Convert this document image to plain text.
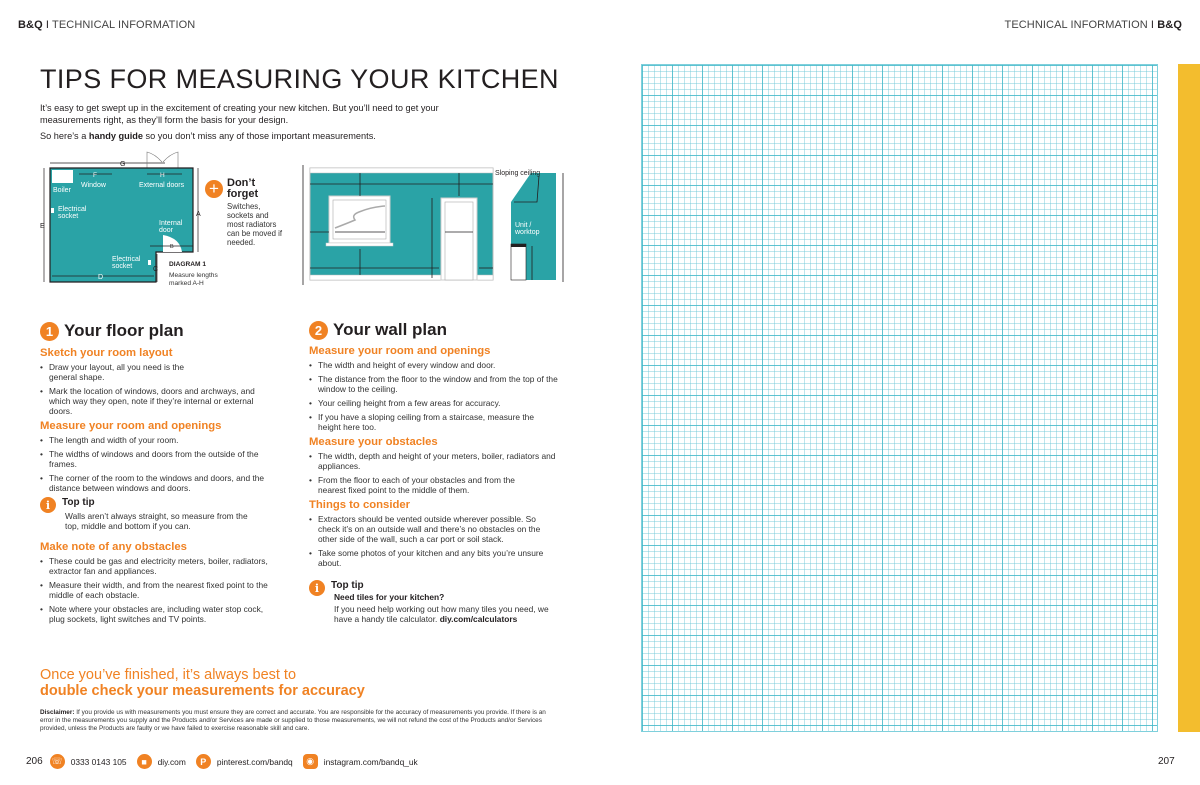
B&Q I TECHNICAL INFORMATION	TECHNICAL INFORMATION I B&Q
TIPS FOR MEASURING YOUR KITCHEN
It’s easy to get swept up in the excitement of creating your new kitchen. But you’ll need to get your measurements right, as they’ll form the basis for your design.
So here’s a handy guide so you don’t miss any of those important measurements.
G
Boiler
F
Window
H
External doors
Electrical
socket
Internal
door
B
Electrical
socket
D
E
A
C
DIAGRAM 1
Measure lengths marked A-H
+ Don’t forget
Switches, sockets and most radiators can be moved if needed.
Sloping ceiling
Unit /
worktop
1 Your floor plan
Sketch your room layout
• Draw your layout, all you need is the general shape.
• Mark the location of windows, doors and archways, and which way they open, note if they’re internal or external doors.
Measure your room and openings
• The length and width of your room.
• The widths of windows and doors from the outside of the frames.
• The corner of the room to the windows and doors, and the distance between windows and doors.
i	Top tip
Walls aren’t always straight, so measure from the top, middle and bottom if you can.
Make note of any obstacles
• These could be gas and electricity meters, boiler, radiators, extractor fan and appliances.
• Measure their width, and from the nearest fixed point to the middle of each obstacle.
• Note where your obstacles are, including water stop cock, plug sockets, light switches and TV points.
2 Your wall plan
Measure your room and openings
• The width and height of every window and door.
• The distance from the floor to the window and from the top of the window to the ceiling.
• Your ceiling height from a few areas for accuracy.
• If you have a sloping ceiling from a staircase, measure the height here too.
Measure your obstacles
• The width, depth and height of your meters, boiler, radiators and appliances.
• From the floor to each of your obstacles and from the nearest fixed point to the middle of them.
Things to consider
• Extractors should be vented outside wherever possible. So check it’s on an outside wall and there’s no obstacles on the other side of the wall, such a car port or soil stack.
• Take some photos of your kitchen and any bits you’re unsure about.
i	Top tip
Need tiles for your kitchen?
If you need help working out how many tiles you need, we have a handy tile calculator. diy.com/calculators
Once you’ve finished, it’s always best to
double check your measurements for accuracy
Disclaimer: If you provide us with measurements you must ensure they are correct and accurate. You are responsible for the accuracy of measurements you provide. If there is an error in the measurements you supply and the Products and/or Services are made or supplied to those measurements, we will not refund the cost of the Products and/or Services provided, unless the Products are faulty or we have failed to exercise reasonable skill and care.
206 ☏ 0333 0143 105	■	diy.com	P	pinterest.com/bandq	◉	instagram.com/bandq_uk	207
